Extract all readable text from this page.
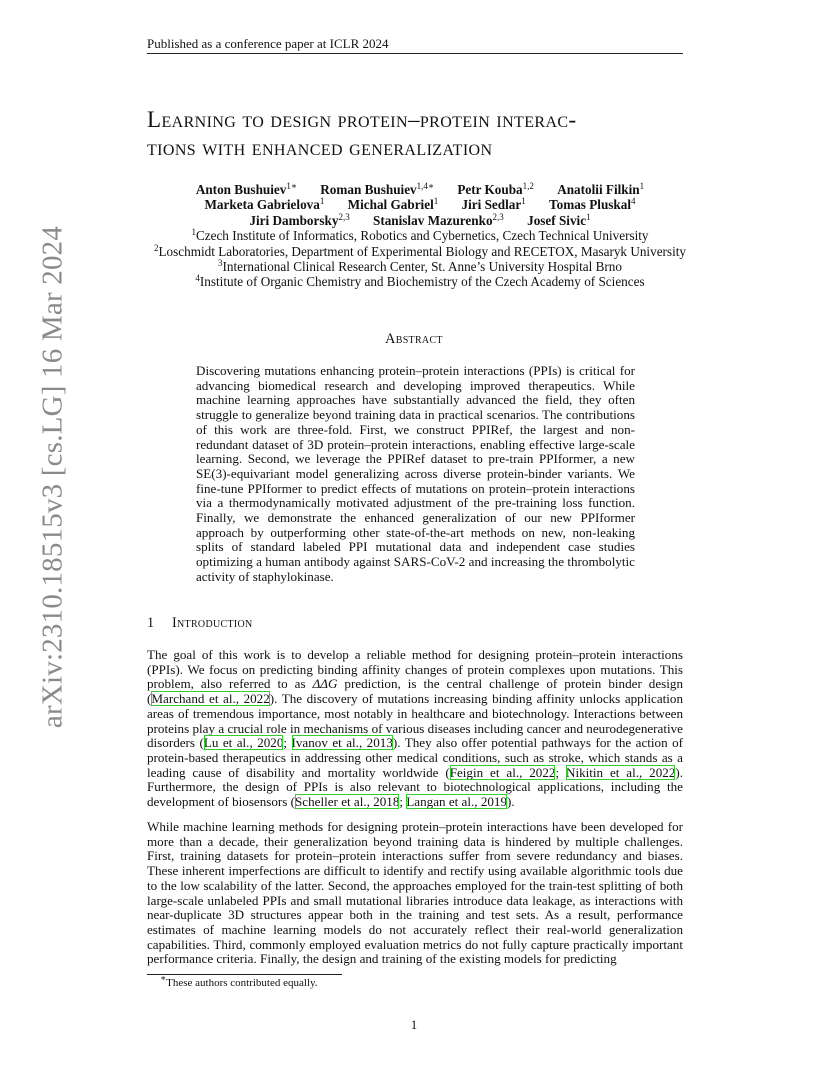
Published as a conference paper at ICLR 2024
arXiv:2310.18515v3 [cs.LG] 16 Mar 2024
Learning to design protein–protein interac-
tions with enhanced generalization
Anton Bushuiev$^{1∗}$ Roman Bushuiev$^{1,4∗}$ Petr Kouba$^{1,2}$ Anatolii Filkin$^1$
Marketa Gabrielova$^1$ Michal Gabriel$^1$ Jiri Sedlar$^1$ Tomas Pluskal$^4$
Jiri Damborsky$^{2,3}$ Stanislav Mazurenko$^{2,3}$ Josef Sivic$^1$
$^1$Czech Institute of Informatics, Robotics and Cybernetics, Czech Technical University
$^2$Loschmidt Laboratories, Department of Experimental Biology and RECETOX, Masaryk University
$^3$International Clinical Research Center, St. Anne’s University Hospital Brno
$^4$Institute of Organic Chemistry and Biochemistry of the Czech Academy of Sciences
Abstract
Discovering mutations enhancing protein–protein interactions (PPIs) is critical for advancing biomedical research and developing improved therapeutics. While machine learning approaches have substantially advanced the field, they often struggle to generalize beyond training data in practical scenarios. The contributions of this work are three-fold. First, we construct PPIRef, the largest and non-redundant dataset of 3D protein–protein interactions, enabling effective large-scale learning. Second, we leverage the PPIRef dataset to pre-train PPIformer, a new SE(3)-equivariant model generalizing across diverse protein-binder variants. We fine-tune PPIformer to predict effects of mutations on protein–protein interactions via a thermodynamically motivated adjustment of the pre-training loss function. Finally, we demonstrate the enhanced generalization of our new PPIformer approach by outperforming other state-of-the-art methods on new, non-leaking splits of standard labeled PPI mutational data and independent case studies optimizing a human antibody against SARS-CoV-2 and increasing the thrombolytic activity of staphylokinase.
1 Introduction
The goal of this work is to develop a reliable method for designing protein–protein interactions (PPIs). We focus on predicting binding affinity changes of protein complexes upon mutations. This problem, also referred to as ΔΔG prediction, is the central challenge of protein binder design (Marchand et al., 2022). The discovery of mutations increasing binding affinity unlocks application areas of tremendous importance, most notably in healthcare and biotechnology. Interactions between proteins play a crucial role in mechanisms of various diseases including cancer and neurodegenerative disorders (Lu et al., 2020; Ivanov et al., 2013). They also offer potential pathways for the action of protein-based therapeutics in addressing other medical conditions, such as stroke, which stands as a leading cause of disability and mortality worldwide (Feigin et al., 2022; Nikitin et al., 2022). Furthermore, the design of PPIs is also relevant to biotechnological applications, including the development of biosensors (Scheller et al., 2018; Langan et al., 2019).
While machine learning methods for designing protein–protein interactions have been developed for more than a decade, their generalization beyond training data is hindered by multiple challenges. First, training datasets for protein–protein interactions suffer from severe redundancy and biases. These inherent imperfections are difficult to identify and rectify using available algorithmic tools due to the low scalability of the latter. Second, the approaches employed for the train-test splitting of both large-scale unlabeled PPIs and small mutational libraries introduce data leakage, as interactions with near-duplicate 3D structures appear both in the training and test sets. As a result, performance estimates of machine learning models do not accurately reflect their real-world generalization capabilities. Third, commonly employed evaluation metrics do not fully capture practically important performance criteria. Finally, the design and training of the existing models for predicting
∗These authors contributed equally.
1
